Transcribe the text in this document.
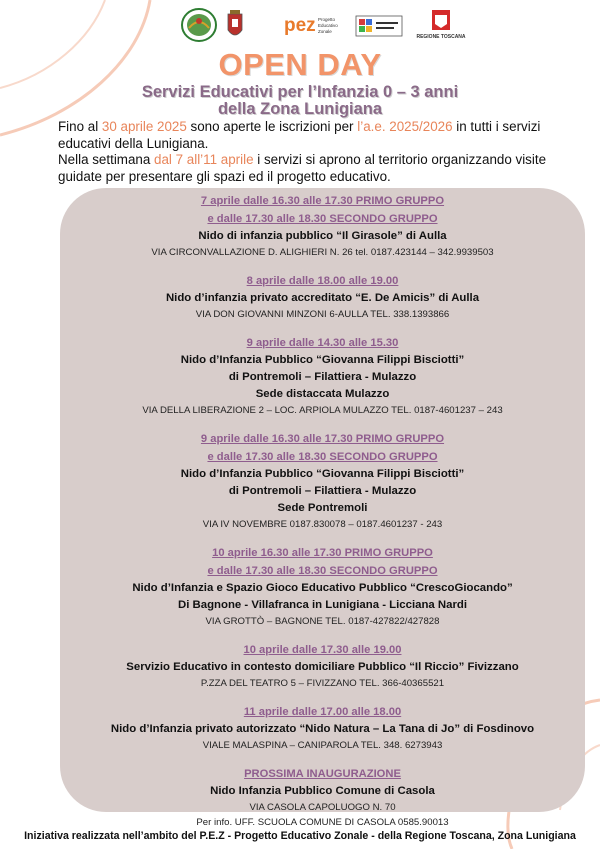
pez Progetto
Educativo
Zonale
REGIONE TOSCANA
OPEN DAY
Servizi Educativi per l’Infanzia 0 – 3 anni
della Zona Lunigiana
Fino al 30 aprile 2025 sono aperte le iscrizioni per l’a.e. 2025/2026 in tutti i servizi educativi della Lunigiana.
Nella settimana dal 7 all’11 aprile i servizi si aprono al territorio organizzando visite guidate per presentare gli spazi ed il progetto educativo.
7 aprile dalle 16.30 alle 17.30 PRIMO GRUPPO
e dalle 17.30 alle 18.30 SECONDO GRUPPO
Nido di infanzia pubblico “Il Girasole” di Aulla
VIA CIRCONVALLAZIONE D. ALIGHIERI N. 26 tel. 0187.423144 – 342.9939503
8 aprile dalle 18.00 alle 19.00
Nido d’infanzia privato accreditato “E. De Amicis” di Aulla
VIA DON GIOVANNI MINZONI 6-AULLA TEL. 338.1393866
9 aprile dalle 14.30 alle 15.30
Nido d’Infanzia Pubblico “Giovanna Filippi Bisciotti”
di Pontremoli – Filattiera - Mulazzo
Sede distaccata Mulazzo
VIA DELLA LIBERAZIONE 2 – LOC. ARPIOLA MULAZZO TEL. 0187-4601237 – 243
9 aprile dalle 16.30 alle 17.30 PRIMO GRUPPO
e dalle 17.30 alle 18.30 SECONDO GRUPPO
Nido d’Infanzia Pubblico “Giovanna Filippi Bisciotti”
di Pontremoli – Filattiera - Mulazzo
Sede Pontremoli
VIA IV NOVEMBRE 0187.830078 – 0187.4601237 - 243
10 aprile 16.30 alle 17.30 PRIMO GRUPPO
e dalle 17.30 alle 18.30 SECONDO GRUPPO
Nido d’Infanzia e Spazio Gioco Educativo Pubblico “CrescoGiocando”
Di Bagnone - Villafranca in Lunigiana - Licciana Nardi
VIA GROTTÒ – BAGNONE TEL. 0187-427822/427828
10 aprile dalle 17.30 alle 19.00
Servizio Educativo in contesto domiciliare Pubblico “Il Riccio” Fivizzano
P.ZZA DEL TEATRO 5 – FIVIZZANO TEL. 366-40365521
11 aprile dalle 17.00 alle 18.00
Nido d’Infanzia privato autorizzato “Nido Natura – La Tana di Jo” di Fosdinovo
VIALE MALASPINA – CANIPAROLA TEL. 348. 6273943
PROSSIMA INAUGURAZIONE
Nido Infanzia Pubblico Comune di Casola
VIA CASOLA CAPOLUOGO N. 70
Per info. UFF. SCUOLA COMUNE DI CASOLA 0585.90013
Iniziativa realizzata nell’ambito del P.E.Z - Progetto Educativo Zonale - della Regione Toscana, Zona Lunigiana
